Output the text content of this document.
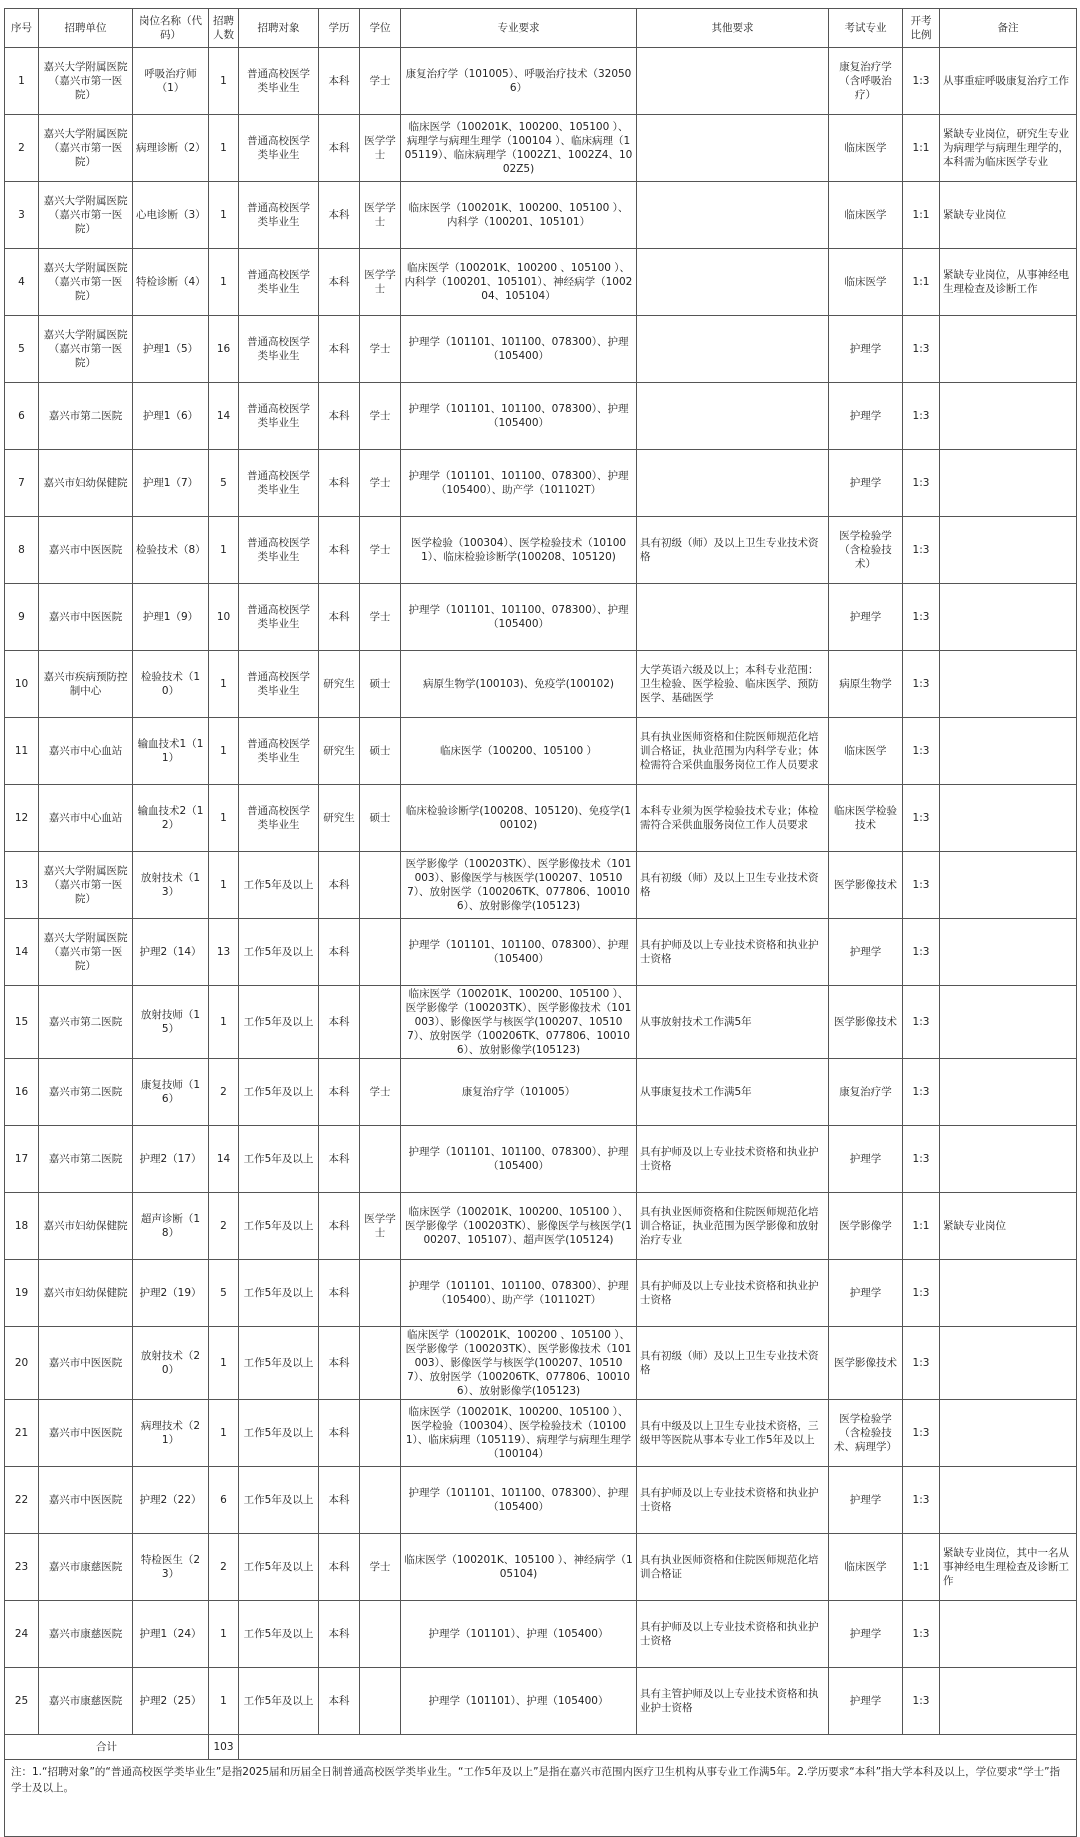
序号	招聘单位	岗位名称（代码）	招聘人数	招聘对象	学历	学位	专业要求	其他要求	考试专业	开考比例	备注
1	嘉兴大学附属医院（嘉兴市第一医院）	呼吸治疗师（1）	1	普通高校医学类毕业生	本科	学士	康复治疗学（101005）、呼吸治疗技术（320506）		康复治疗学（含呼吸治疗）	1:3	从事重症呼吸康复治疗工作
2	嘉兴大学附属医院（嘉兴市第一医院）	病理诊断（2）	1	普通高校医学类毕业生	本科	医学学士	临床医学（100201K、100200、105100 ）、病理学与病理生理学（100104 ）、临床病理（105119）、临床病理学（1002Z1、1002Z4、1002Z5)		临床医学	1:1	紧缺专业岗位，研究生专业为病理学与病理生理学的，本科需为临床医学专业
3	嘉兴大学附属医院（嘉兴市第一医院）	心电诊断（3）	1	普通高校医学类毕业生	本科	医学学士	临床医学（100201K、100200、105100 ）、内科学（100201、105101）		临床医学	1:1	紧缺专业岗位
4	嘉兴大学附属医院（嘉兴市第一医院）	特检诊断（4）	1	普通高校医学类毕业生	本科	医学学士	临床医学（100201K、100200 、105100 ）、内科学（100201、105101）、神经病学（100204、105104）		临床医学	1:1	紧缺专业岗位，从事神经电生理检查及诊断工作
5	嘉兴大学附属医院（嘉兴市第一医院）	护理1（5）	16	普通高校医学类毕业生	本科	学士	护理学（101101、101100、078300）、护理（105400）		护理学	1:3	
6	嘉兴市第二医院	护理1（6）	14	普通高校医学类毕业生	本科	学士	护理学（101101、101100、078300）、护理（105400）		护理学	1:3	
7	嘉兴市妇幼保健院	护理1（7）	5	普通高校医学类毕业生	本科	学士	护理学（101101、101100、078300）、护理（105400）、助产学（101102T）		护理学	1:3	
8	嘉兴市中医医院	检验技术（8）	1	普通高校医学类毕业生	本科	学士	医学检验（100304）、医学检验技术（101001）、临床检验诊断学(100208、105120)	具有初级（师）及以上卫生专业技术资格	医学检验学（含检验技术）	1:3	
9	嘉兴市中医医院	护理1（9）	10	普通高校医学类毕业生	本科	学士	护理学（101101、101100、078300）、护理（105400）		护理学	1:3	
10	嘉兴市疾病预防控制中心	检验技术（10）	1	普通高校医学类毕业生	研究生	硕士	病原生物学(100103)、免疫学(100102)	大学英语六级及以上；本科专业范围：卫生检验、医学检验、临床医学、预防医学、基础医学	病原生物学	1:3	
11	嘉兴市中心血站	输血技术1（11）	1	普通高校医学类毕业生	研究生	硕士	临床医学（100200、105100 ）	具有执业医师资格和住院医师规范化培训合格证，执业范围为内科学专业；体检需符合采供血服务岗位工作人员要求	临床医学	1:3	
12	嘉兴市中心血站	输血技术2（12）	1	普通高校医学类毕业生	研究生	硕士	临床检验诊断学(100208、105120)、免疫学(100102)	本科专业须为医学检验技术专业；体检需符合采供血服务岗位工作人员要求	临床医学检验技术	1:3	
13	嘉兴大学附属医院（嘉兴市第一医院）	放射技术（13）	1	工作5年及以上	本科		医学影像学（100203TK）、医学影像技术（101003）、影像医学与核医学(100207、105107）、放射医学（100206TK、077806、100106）、放射影像学(105123)	具有初级（师）及以上卫生专业技术资格	医学影像技术	1:3	
14	嘉兴大学附属医院（嘉兴市第一医院）	护理2（14）	13	工作5年及以上	本科		护理学（101101、101100、078300）、护理（105400）	具有护师及以上专业技术资格和执业护士资格	护理学	1:3	
15	嘉兴市第二医院	放射技师（15）	1	工作5年及以上	本科		临床医学（100201K、100200、105100 ）、医学影像学（100203TK）、医学影像技术（101003）、影像医学与核医学(100207、105107）、放射医学（100206TK、077806、100106）、放射影像学(105123)	从事放射技术工作满5年	医学影像技术	1:3	
16	嘉兴市第二医院	康复技师（16）	2	工作5年及以上	本科	学士	康复治疗学（101005）	从事康复技术工作满5年	康复治疗学	1:3	
17	嘉兴市第二医院	护理2（17）	14	工作5年及以上	本科		护理学（101101、101100、078300）、护理（105400）	具有护师及以上专业技术资格和执业护士资格	护理学	1:3	
18	嘉兴市妇幼保健院	超声诊断（18）	2	工作5年及以上	本科	医学学士	临床医学（100201K、100200、105100 ）、医学影像学（100203TK）、影像医学与核医学(100207、105107）、超声医学(105124)	具有执业医师资格和住院医师规范化培训合格证，执业范围为医学影像和放射治疗专业	医学影像学	1:1	紧缺专业岗位
19	嘉兴市妇幼保健院	护理2（19）	5	工作5年及以上	本科		护理学（101101、101100、078300）、护理（105400）、助产学（101102T）	具有护师及以上专业技术资格和执业护士资格	护理学	1:3	
20	嘉兴市中医医院	放射技术（20）	1	工作5年及以上	本科		临床医学（100201K、100200 、105100 ）、医学影像学（100203TK）、医学影像技术（101003）、影像医学与核医学(100207、105107）、放射医学（100206TK、077806、100106）、放射影像学(105123)	具有初级（师）及以上卫生专业技术资格	医学影像技术	1:3	
21	嘉兴市中医医院	病理技术（21）	1	工作5年及以上	本科		临床医学（100201K、100200、105100 ）、医学检验（100304）、医学检验技术（101001）、临床病理（105119）、病理学与病理生理学（100104）	具有中级及以上卫生专业技术资格，三级甲等医院从事本专业工作5年及以上	医学检验学（含检验技术、病理学）	1:3	
22	嘉兴市中医医院	护理2（22）	6	工作5年及以上	本科		护理学（101101、101100、078300）、护理（105400）	具有护师及以上专业技术资格和执业护士资格	护理学	1:3	
23	嘉兴市康慈医院	特检医生（23）	2	工作5年及以上	本科	学士	临床医学（100201K、105100 ）、神经病学（105104)	具有执业医师资格和住院医师规范化培训合格证	临床医学	1:1	紧缺专业岗位，其中一名从事神经电生理检查及诊断工作
24	嘉兴市康慈医院	护理1（24）	1	工作5年及以上	本科		护理学（101101）、护理（105400）	具有护师及以上专业技术资格和执业护士资格	护理学	1:3	
25	嘉兴市康慈医院	护理2（25）	1	工作5年及以上	本科		护理学（101101）、护理（105400）	具有主管护师及以上专业技术资格和执业护士资格	护理学	1:3	
合计			103								
注：1.“招聘对象”的“普通高校医学类毕业生”是指2025届和历届全日制普通高校医学类毕业生。“工作5年及以上”是指在嘉兴市范围内医疗卫生机构从事专业工作满5年。2.学历要求“本科”指大学本科及以上，学位要求“学士”指学士及以上。											
